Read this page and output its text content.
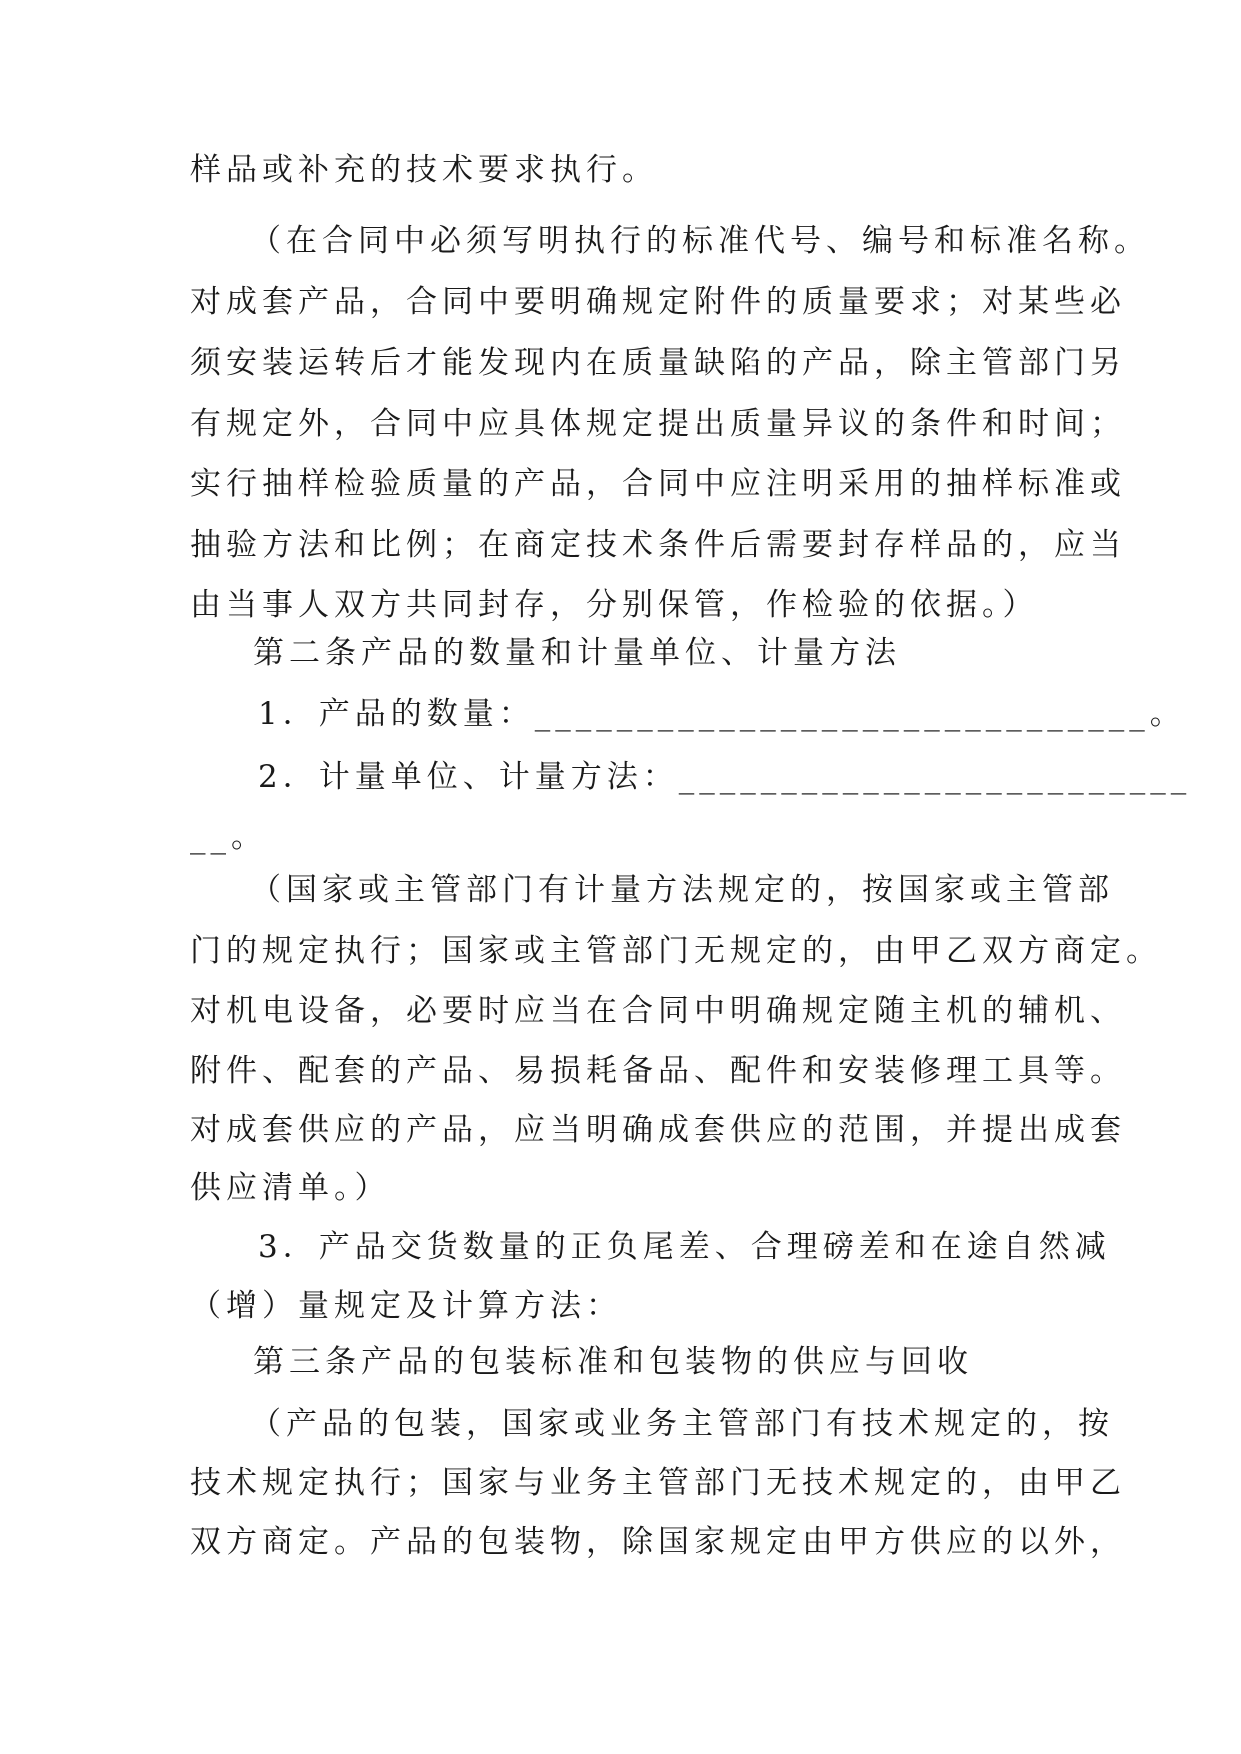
样品或补充的技术要求执行。
（在合同中必须写明执行的标准代号、编号和标准名称。
对成套产品，合同中要明确规定附件的质量要求；对某些必
须安装运转后才能发现内在质量缺陷的产品，除主管部门另
有规定外，合同中应具体规定提出质量异议的条件和时间；
实行抽样检验质量的产品，合同中应注明采用的抽样标准或
抽验方法和比例；在商定技术条件后需要封存样品的，应当
由当事人双方共同封存，分别保管，作检验的依据。）
第二条产品的数量和计量单位、计量方法
1．产品的数量：______________________________。
2．计量单位、计量方法：_________________________
__。
（国家或主管部门有计量方法规定的，按国家或主管部
门的规定执行；国家或主管部门无规定的，由甲乙双方商定。
对机电设备，必要时应当在合同中明确规定随主机的辅机、
附件、配套的产品、易损耗备品、配件和安装修理工具等。
对成套供应的产品，应当明确成套供应的范围，并提出成套
供应清单。）
3．产品交货数量的正负尾差、合理磅差和在途自然减
（增）量规定及计算方法：
第三条产品的包装标准和包装物的供应与回收
（产品的包装，国家或业务主管部门有技术规定的，按
技术规定执行；国家与业务主管部门无技术规定的，由甲乙
双方商定。产品的包装物，除国家规定由甲方供应的以外，
